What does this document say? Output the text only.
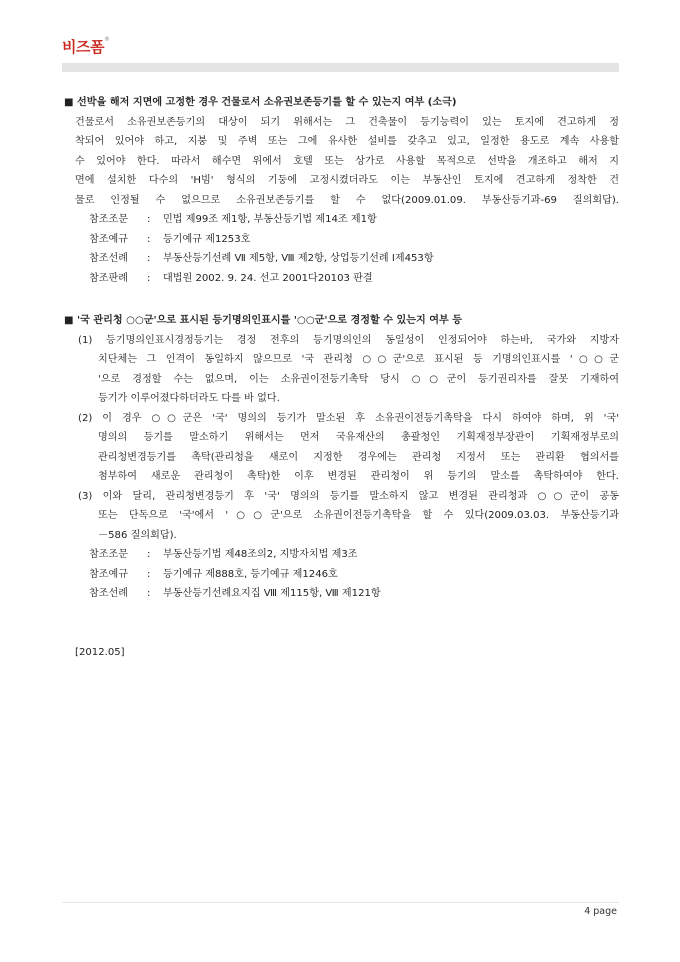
비즈폼®
■ 선박을 해저 지면에 고정한 경우 건물로서 소유권보존등기를 할 수 있는지 여부 (소극)
건물로서 소유권보존등기의 대상이 되기 위해서는 그 건축물이 등기능력이 있는 토지에 견고하게 정
착되어 있어야 하고, 지붕 및 주벽 또는 그에 유사한 설비를 갖추고 있고, 일정한 용도로 계속 사용할
수 있어야 한다. 따라서 해수면 위에서 호텔 또는 상가로 사용할 목적으로 선박을 개조하고 해저 지
면에 설치한 다수의 'H빔' 형식의 기둥에 고정시켰더라도 이는 부동산인 토지에 견고하게 정착한 건
물로 인정될 수 없으므로 소유권보존등기를 할 수 없다(2009.01.09. 부동산등기과-69 질의회답).
참조조문	:	민법 제99조 제1항, 부동산등기법 제14조 제1항
참조예규	:	등기예규 제1253호
참조선례	:	부동산등기선례 Ⅶ 제5항, Ⅷ 제2항, 상업등기선례 Ⅰ제453항
참조판례	:	대법원 2002. 9. 24. 선고 2001다20103 판결
■ '국 관리청 ○○군'으로 표시된 등기명의인표시를 '○○군'으로 경정할 수 있는지 여부 등
(1) 등기명의인표시경정등기는 경정 전후의 등기명의인의 동일성이 인정되어야 하는바, 국가와 지방자
치단체는 그 인격이 동일하지 않으므로 '국 관리청 ○○군'으로 표시된 등 기명의인표시를 '○○군
'으로 경정할 수는 없으며, 이는 소유권이전등기촉탁 당시 ○○군이 등기권리자를 잘못 기재하여
등기가 이루어졌다하더라도 다를 바 없다.
(2) 이 경우 ○○군은 '국' 명의의 등기가 말소된 후 소유권이전등기촉탁을 다시 하여야 하며, 위 '국'
명의의 등기를 말소하기 위해서는 먼저 국유재산의 총괄청인 기획재정부장관이 기획재정부로의
관리청변경등기를 촉탁(관리청을 새로이 지정한 경우에는 관리청 지정서 또는 관리환 협의서를
첨부하여 새로운 관리청이 촉탁)한 이후 변경된 관리청이 위 등기의 말소를 촉탁하여야 한다.
(3) 이와 달리, 관리청변경등기 후 '국' 명의의 등기를 말소하지 않고 변경된 관리청과 ○○군이 공동
또는 단독으로 '국'에서 '○○군'으로 소유권이전등기촉탁을 할 수 있다(2009.03.03. 부동산등기과
－586 질의회답).
참조조문	:	부동산등기법 제48조의2, 지방자치법 제3조
참조예규	:	등기예규 제888호, 등기예규 제1246호
참조선례	:	부동산등기선례요지집 Ⅷ 제115항, Ⅷ 제121항
[2012.05]
4 page
